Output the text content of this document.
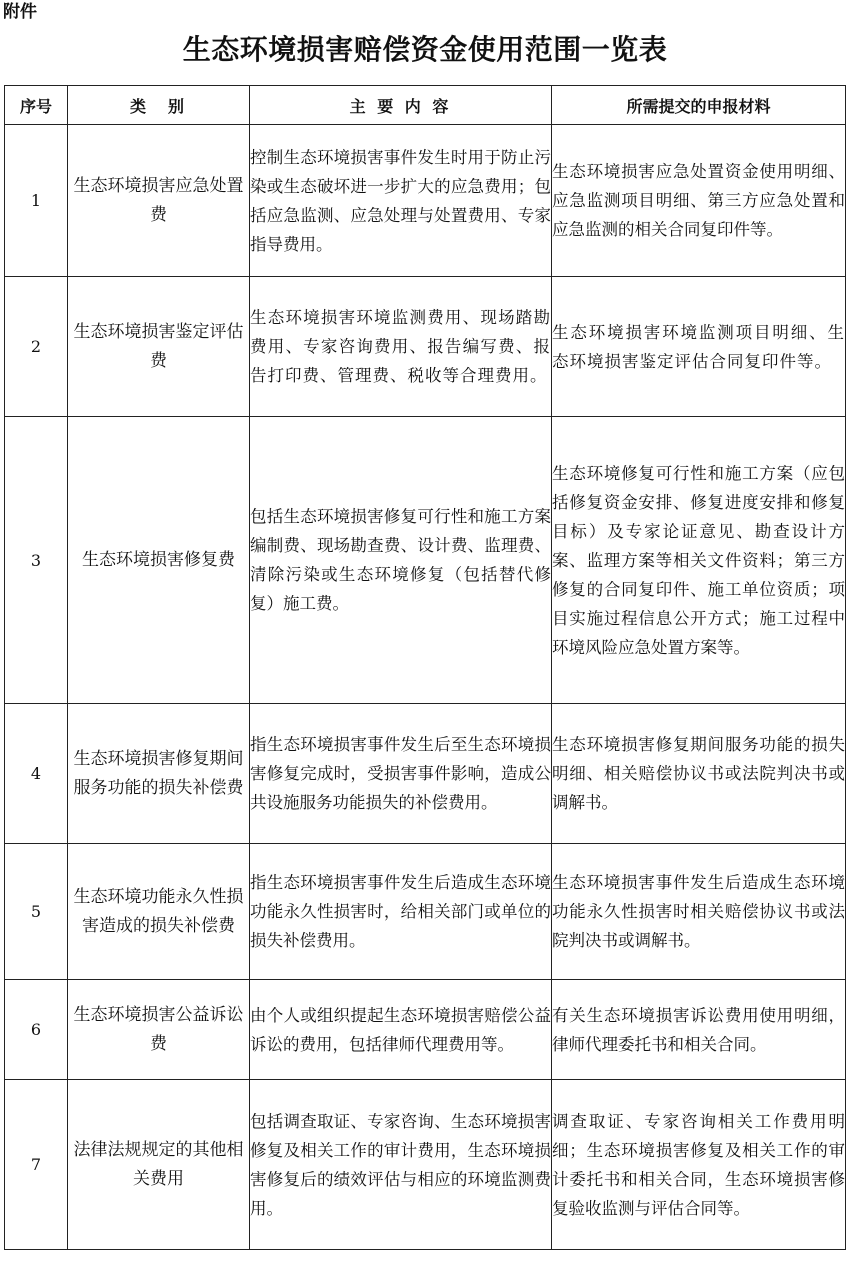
附件
生态环境损害赔偿资金使用范围一览表
序号	类　别	主 要 内 容	所需提交的申报材料
1	生态环境损害应急处置费	控制生态环境损害事件发生时用于防止污染或生态破坏进一步扩大的应急费用；包括应急监测、应急处理与处置费用、专家指导费用。	生态环境损害应急处置资金使用明细、应急监测项目明细、第三方应急处置和应急监测的相关合同复印件等。
2	生态环境损害鉴定评估费	生态环境损害环境监测费用、现场踏勘费用、专家咨询费用、报告编写费、报告打印费、管理费、税收等合理费用。	生态环境损害环境监测项目明细、生态环境损害鉴定评估合同复印件等。
3	生态环境损害修复费	包括生态环境损害修复可行性和施工方案编制费、现场勘查费、设计费、监理费、清除污染或生态环境修复（包括替代修复）施工费。	生态环境修复可行性和施工方案（应包括修复资金安排、修复进度安排和修复目标）及专家论证意见、勘查设计方案、监理方案等相关文件资料；第三方修复的合同复印件、施工单位资质；项目实施过程信息公开方式；施工过程中环境风险应急处置方案等。
4	生态环境损害修复期间服务功能的损失补偿费	指生态环境损害事件发生后至生态环境损害修复完成时，受损害事件影响，造成公共设施服务功能损失的补偿费用。	生态环境损害修复期间服务功能的损失明细、相关赔偿协议书或法院判决书或调解书。
5	生态环境功能永久性损害造成的损失补偿费	指生态环境损害事件发生后造成生态环境功能永久性损害时，给相关部门或单位的损失补偿费用。	生态环境损害事件发生后造成生态环境功能永久性损害时相关赔偿协议书或法院判决书或调解书。
6	生态环境损害公益诉讼费	由个人或组织提起生态环境损害赔偿公益诉讼的费用，包括律师代理费用等。	有关生态环境损害诉讼费用使用明细，律师代理委托书和相关合同。
7	法律法规规定的其他相关费用	包括调查取证、专家咨询、生态环境损害修复及相关工作的审计费用，生态环境损害修复后的绩效评估与相应的环境监测费用。	调查取证、专家咨询相关工作费用明细；生态环境损害修复及相关工作的审计委托书和相关合同，生态环境损害修复验收监测与评估合同等。
